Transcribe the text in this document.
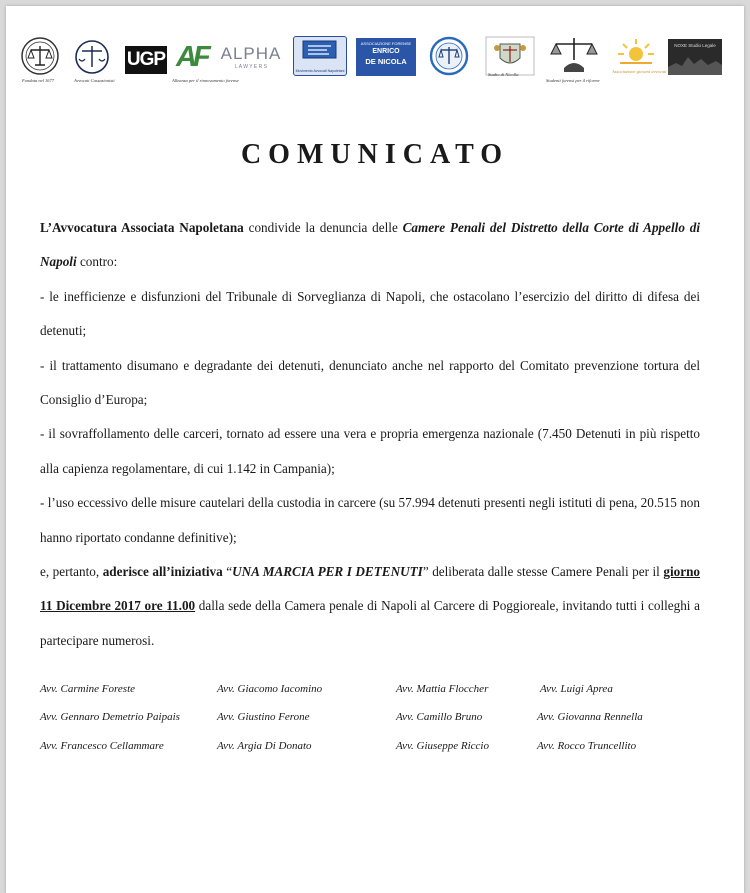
Fondata nel 1677	Avvocati Cassazionisti
UGP AF
Alleanza per il rinnovamento forense
ALPHA
L A W Y E R S
Movimento Avvocati Napoletani
ASSOCIAZIONE FORENSE
ENRICO
DE NICOLA
Studio di Nicolla
Studenti forensi per il riforme
Associazione giovani avvocati
NOXE Studio Legale
COMUNICATO

L’Avvocatura Associata Napoletana condivide la denuncia delle Camere Penali del Distretto della Corte di Appello di Napoli contro:

- le inefficienze e disfunzioni del Tribunale di Sorveglianza di Napoli, che ostacolano l’esercizio del diritto di difesa dei detenuti;

- il trattamento disumano e degradante dei detenuti, denunciato anche nel rapporto del Comitato prevenzione tortura del Consiglio d’Europa;

- il sovraffollamento delle carceri, tornato ad essere una vera e propria emergenza nazionale (7.450 Detenuti in più rispetto alla capienza regolamentare, di cui 1.142 in Campania);

- l’uso eccessivo delle misure cautelari della custodia in carcere (su 57.994 detenuti presenti negli istituti di pena, 20.515 non hanno riportato condanne definitive);

e, pertanto, aderisce all’iniziativa “UNA MARCIA PER I DETENUTI” deliberata dalle stesse Camere Penali per il giorno 11 Dicembre 2017 ore 11.00 dalla sede della Camera penale di Napoli al Carcere di Poggioreale, invitando tutti i colleghi a partecipare numerosi.

Avv. Carmine Foreste	Avv. Giacomo Iacomino	Avv. Mattia Floccher	Avv. Luigi Aprea
Avv. Gennaro Demetrio Paipais	Avv. Giustino Ferone	Avv. Camillo Bruno	Avv. Giovanna Rennella
Avv. Francesco Cellammare	Avv. Argia Di Donato	Avv. Giuseppe Riccio	Avv. Rocco Truncellito
